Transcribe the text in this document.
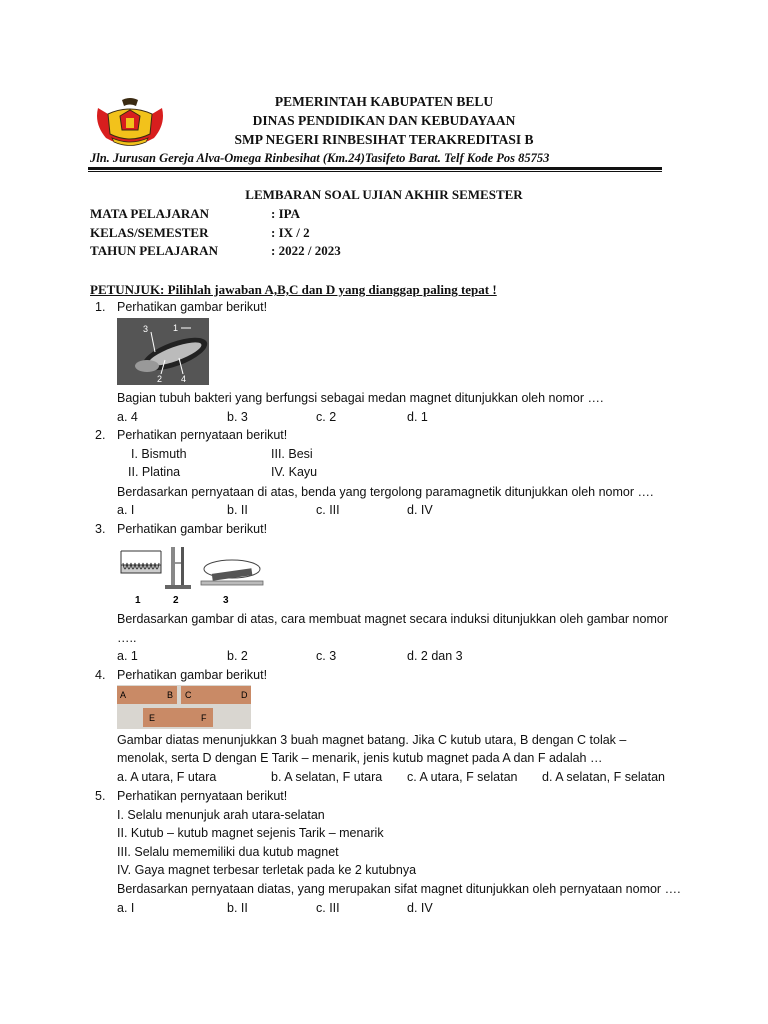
PEMERINTAH KABUPATEN BELU
DINAS PENDIDIKAN DAN KEBUDAYAAN
SMP NEGERI RINBESIHAT TERAKREDITASI B
Jln. Jurusan Gereja Alva-Omega Rinbesihat (Km.24)Tasifeto Barat. Telf Kode Pos 85753
LEMBARAN SOAL UJIAN AKHIR SEMESTER
MATA PELAJARAN	: IPA
KELAS/SEMESTER	: IX / 2
TAHUN PELAJARAN	: 2022 / 2023
PETUNJUK: Pilihlah jawaban A,B,C dan D yang dianggap paling tepat !
1. Perhatikan gambar berikut!
3	1
2 4
Bagian tubuh bakteri yang berfungsi sebagai medan magnet ditunjukkan oleh nomor ….
a. 4	b. 3	c. 2	d. 1
2. Perhatikan pernyataan berikut!
I. Bismuth	III. Besi
II. Platina	IV. Kayu
Berdasarkan pernyataan di atas, benda yang tergolong paramagnetik ditunjukkan oleh nomor ….
a. I	b. II	c. III	d. IV
3. Perhatikan gambar berikut!
1	2	3
Berdasarkan gambar di atas, cara membuat magnet secara induksi ditunjukkan oleh gambar nomor
…..
a. 1	b. 2	c. 3	d. 2 dan 3
4. Perhatikan gambar berikut!
A	B C	D
E	F
Gambar diatas menunjukkan 3 buah magnet batang. Jika C kutub utara, B dengan C tolak –
menolak, serta D dengan E Tarik – menarik, jenis kutub magnet pada A dan F adalah …
a. A utara, F utara	b. A selatan, F utara c. A utara, F selatan d. A selatan, F selatan
5. Perhatikan pernyataan berikut!
I. Selalu menunjuk arah utara-selatan
II. Kutub – kutub magnet sejenis Tarik – menarik
III. Selalu mememiliki dua kutub magnet
IV. Gaya magnet terbesar terletak pada ke 2 kutubnya
Berdasarkan pernyataan diatas, yang merupakan sifat magnet ditunjukkan oleh pernyataan nomor ….
a. I	b. II	c. III	d. IV
